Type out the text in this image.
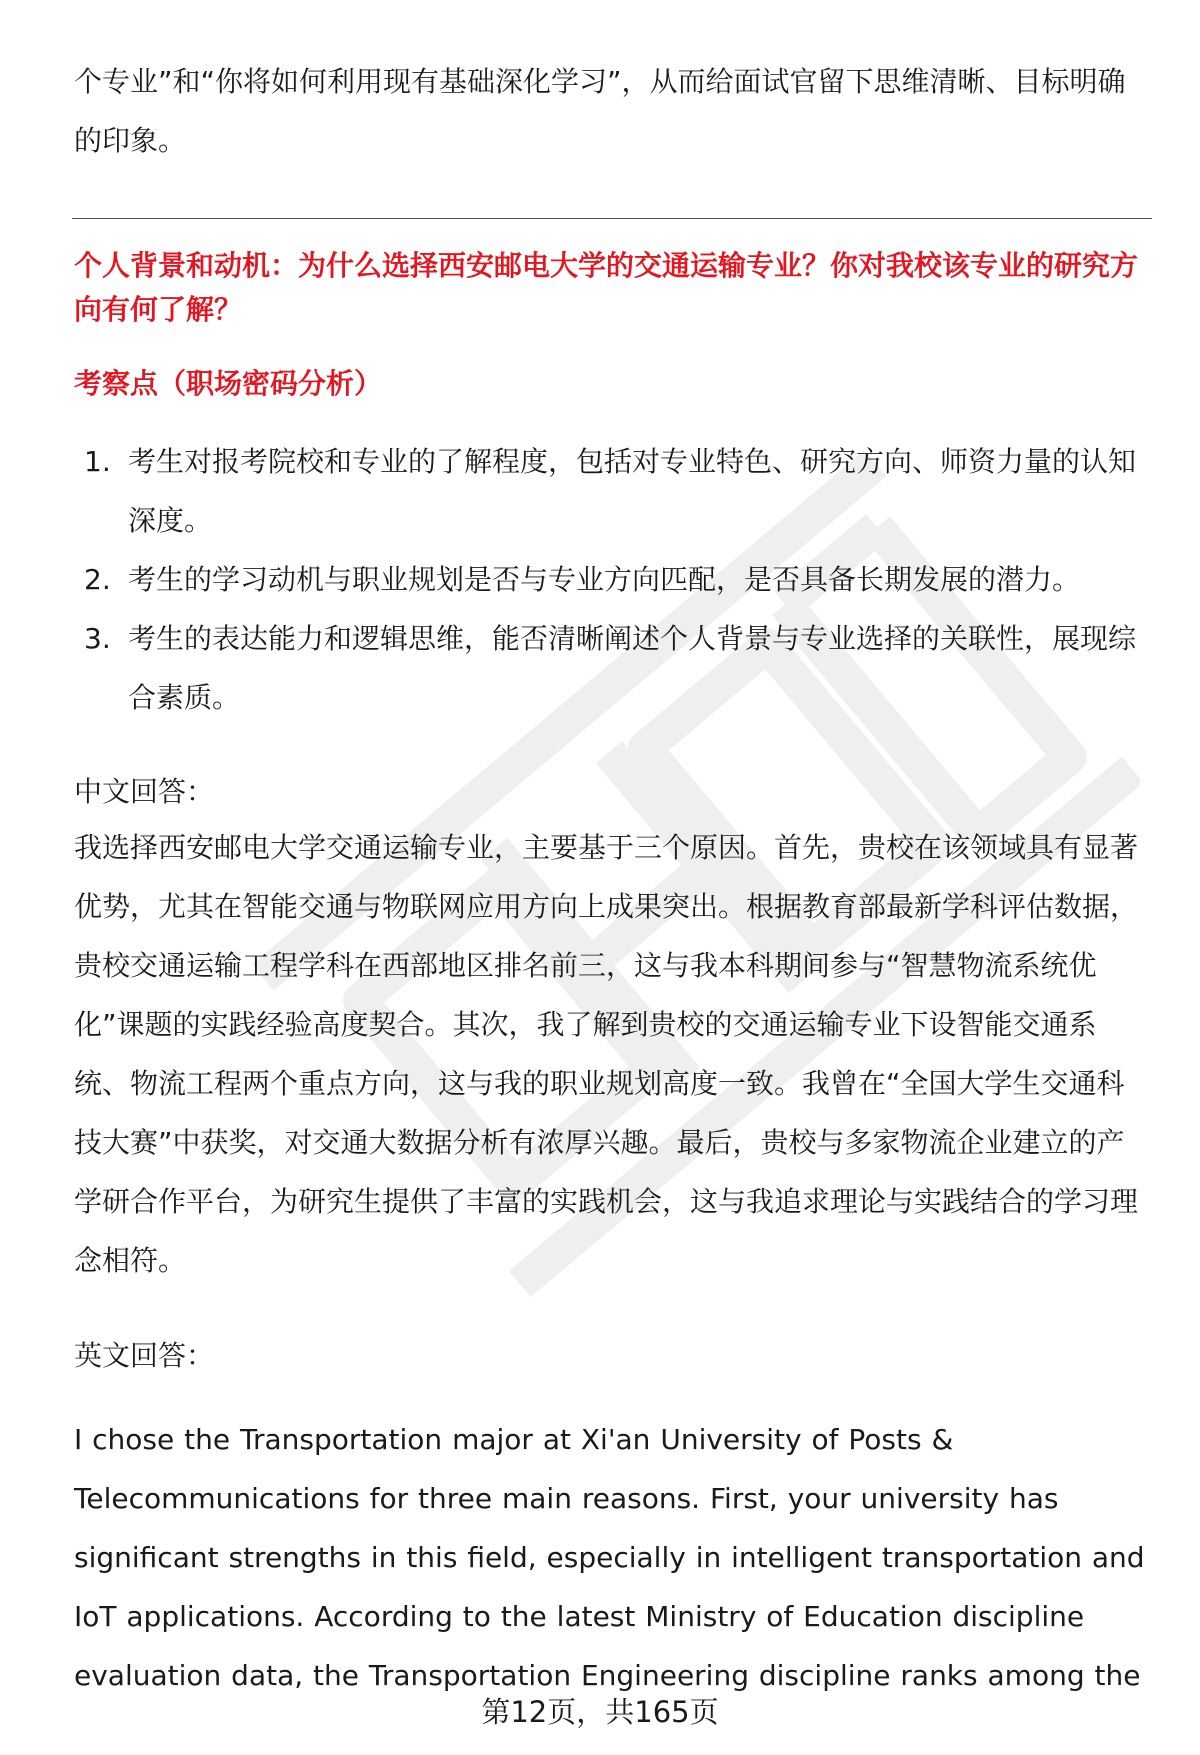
个专业”和“你将如何利用现有基础深化学习”，从而给面试官留下思维清晰、目标明确的印象。

个人背景和动机：为什么选择西安邮电大学的交通运输专业？你对我校该专业的研究方向有何了解？
考察点（职场密码分析）
1. 考生对报考院校和专业的了解程度，包括对专业特色、研究方向、师资力量的认知深度。
2. 考生的学习动机与职业规划是否与专业方向匹配，是否具备长期发展的潜力。
3. 考生的表达能力和逻辑思维，能否清晰阐述个人背景与专业选择的关联性，展现综合素质。
中文回答：

我选择西安邮电大学交通运输专业，主要基于三个原因。首先，贵校在该领域具有显著优势，尤其在智能交通与物联网应用方向上成果突出。根据教育部最新学科评估数据，贵校交通运输工程学科在西部地区排名前三，这与我本科期间参与“智慧物流系统优化”课题的实践经验高度契合。其次，我了解到贵校的交通运输专业下设智能交通系统、物流工程两个重点方向，这与我的职业规划高度一致。我曾在“全国大学生交通科技大赛”中获奖，对交通大数据分析有浓厚兴趣。最后，贵校与多家物流企业建立的产学研合作平台，为研究生提供了丰富的实践机会，这与我追求理论与实践结合的学习理念相符。

英文回答：

I chose the Transportation major at Xi'an University of Posts & Telecommunications for three main reasons. First, your university has significant strengths in this field, especially in intelligent transportation and IoT applications. According to the latest Ministry of Education discipline evaluation data, the Transportation Engineering discipline ranks among the

第12页，共165页
